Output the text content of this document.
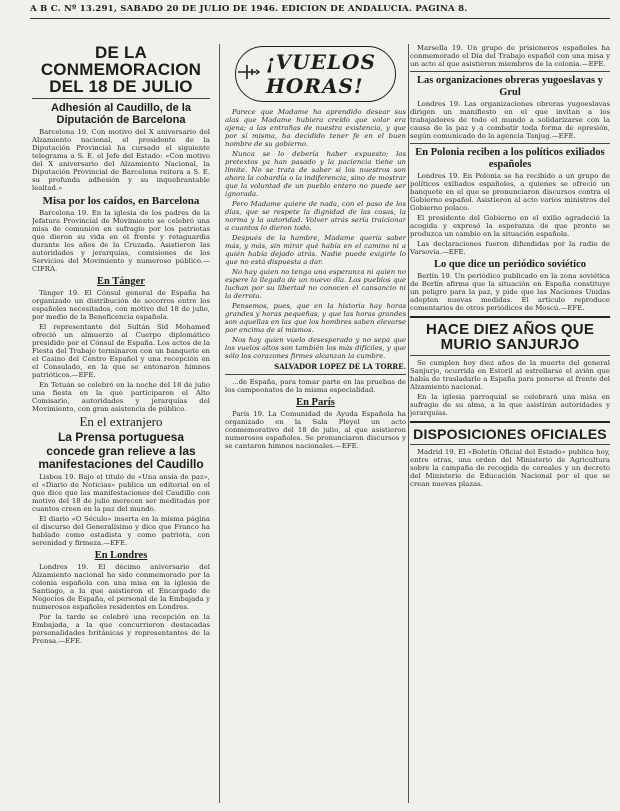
A B C. Nº 13.291, SABADO 20 DE JULIO DE 1946. EDICION DE ANDALUCIA. PAGINA 8.
DE LA CONMEMORACION DEL 18 DE JULIO
Adhesión al Caudillo, de la Diputación de Barcelona

Barcelona 19. Con motivo del X aniversario del Alzamiento nacional, el presidente de la Diputación Provincial ha cursado el siguiente telegrama a S. E. el Jefe del Estado: «Con motivo del X aniversario del Alzamiento Nacional, la Diputación Provincial de Barcelona reitera a S. E. su profunda adhesión y su inquebrantable lealtad.»

Misa por los caídos, en Barcelona

Barcelona 19. En la iglesia de los padres de la Jefatura Provincial de Movimiento se celebró una misa de comunión en sufragio por los patriotas que dieron su vida en el frente y retaguardia durante los años de la Cruzada. Asistieron las autoridades y jerarquías, comisiones de los Servicios del Movimiento y numeroso público.—CIFRA.

En Tánger

Tánger 19. El Cónsul general de España ha organizado un distribución de socorros entre los españoles necesitados, con motivo del 18 de julio, por medio de la Beneficencia española.

El representante del Sultán Sid Mohamed ofreció un almuerzo al Cuerpo diplomático presidido por el Cónsul de España. Los actos de la Fiesta del Trabajo terminaron con un banquete en el Casino del Centro Español y una recepción en el Consulado, en la que se entonaron himnos patrióticos.—EFE.

En Tetuán se celebró en la noche del 18 de julio una fiesta en la que participaron el Alto Comisario, autoridades y jerarquías del Movimiento, con gran asistencia de público.

En el extranjero
La Prensa portuguesa concede gran relieve a las manifestaciones del Caudillo

Lisboa 19. Bajo el título de «Una ansia de paz», el «Diario de Noticias» publica un editorial en el que dice que las manifestaciones del Caudillo con motivo del 18 de julio merecen ser meditadas por cuantos creen en la paz del mundo.

El diario «O Século» inserta en la misma página el discurso del Generalísimo y dice que Franco ha hablado como estadista y como patriota, con serenidad y firmeza.—EFE.

En Londres

Londres 19. El décimo aniversario del Alzamiento nacional ha sido conmemorado por la colonia española con una misa en la iglesia de Santiago, a la que asistieron el Encargado de Negocios de España, el personal de la Embajada y numerosos españoles residentes en Londres.

Por la tarde se celebró una recepción en la Embajada, a la que concurrieron destacadas personalidades británicas y representantes de la Prensa.—EFE.

¡VUELOS HORAS!

Parece que Madame ha aprendido desear sus alas que Madame hubiera creído que volar era ajena; a las entrañas de nuestra existencia, y que por sí misma, ha decidido tener fe en el buen nombre de su gobierno.

Nunca se lo debería haber expuesto; los pretextos ya han pasado y la paciencia tiene un límite. No se trata de saber si los nuestros son ahora la cobardía o la indiferencia, sino de mostrar que la voluntad de un pueblo entero no puede ser ignorada.

Pero Madame quiere de nada, con el paso de los días, que se respete la dignidad de las cosas, la norma y la autoridad. Volver atrás sería traicionar a cuantos lo dieron todo.

Después de la hambre, Madame quería saber más, y más, sin mirar qué había en el camino ni a quién había dejado atrás. Nadie puede exigirle lo que no está dispuesta a dar.

No hay quien no tenga una esperanza ni quien no espere la llegada de un nuevo día. Los pueblos que luchan por su libertad no conocen el cansancio ni la derrota.

Pensemos, pues, que en la historia hay horas grandes y horas pequeñas, y que las horas grandes son aquellas en las que los hombres saben elevarse por encima de sí mismos.

Nos hay quien vuelo desesperado y no sepa que los vuelos altos son también los más difíciles, y que sólo los corazones firmes alcanzan la cumbre.

SALVADOR LOPEZ DE LA TORRE.

...de España, para tomar parte en las pruebas de los campeonatos de la misma especialidad.

En París

París 19. La Comunidad de Ayuda Española ha organizado en la Sala Pleyel un acto conmemorativo del 18 de julio, al que asistieron numerosos españoles. Se pronunciaron discursos y se cantaron himnos nacionales.—EFE.

Marsella 19. Un grupo de prisioneros españoles ha conmemorado el Día del Trabajo español con una misa y un acto al que asistieron miembros de la colonia.—EFE.

Las organizaciones obreras yugoeslavas y Grul

Londres 19. Las organizaciones obreras yugoeslavas dirigen un manifiesto en el que invitan a los trabajadores de todo el mundo a solidarizarse con la causa de la paz y a combatir toda forma de opresión, según comunicado de la agencia Tanjug.—EFE.

En Polonia reciben a los políticos exiliados españoles

Londres 19. En Polonia se ha recibido a un grupo de políticos exiliados españoles, a quienes se ofreció un banquete en el que se pronunciaron discursos contra el Gobierno español. Asistieron al acto varios ministros del Gobierno polaco.

El presidente del Gobierno en el exilio agradeció la acogida y expresó la esperanza de que pronto se produzca un cambio en la situación española.

Las declaraciones fueron difundidas por la radio de Varsovia.—EFE.

Lo que dice un periódico soviético

Berlín 19. Un periódico publicado en la zona soviética de Berlín afirma que la situación en España constituye un peligro para la paz, y pide que las Naciones Unidas adopten nuevas medidas. El artículo reproduce comentarios de otros periódicos de Moscú.—EFE.

HACE DIEZ AÑOS QUE MURIO SANJURJO

Se cumplen hoy diez años de la muerte del general Sanjurjo, ocurrida en Estoril al estrellarse el avión que había de trasladarle a España para ponerse al frente del Alzamiento nacional.

En la iglesia parroquial se celebrará una misa en sufragio de su alma, a la que asistirán autoridades y jerarquías.

DISPOSICIONES OFICIALES

Madrid 19. El «Boletín Oficial del Estado» publica hoy, entre otras, una orden del Ministerio de Agricultura sobre la campaña de recogida de cereales y un decreto del Ministerio de Educación Nacional por el que se crean nuevas plazas.
